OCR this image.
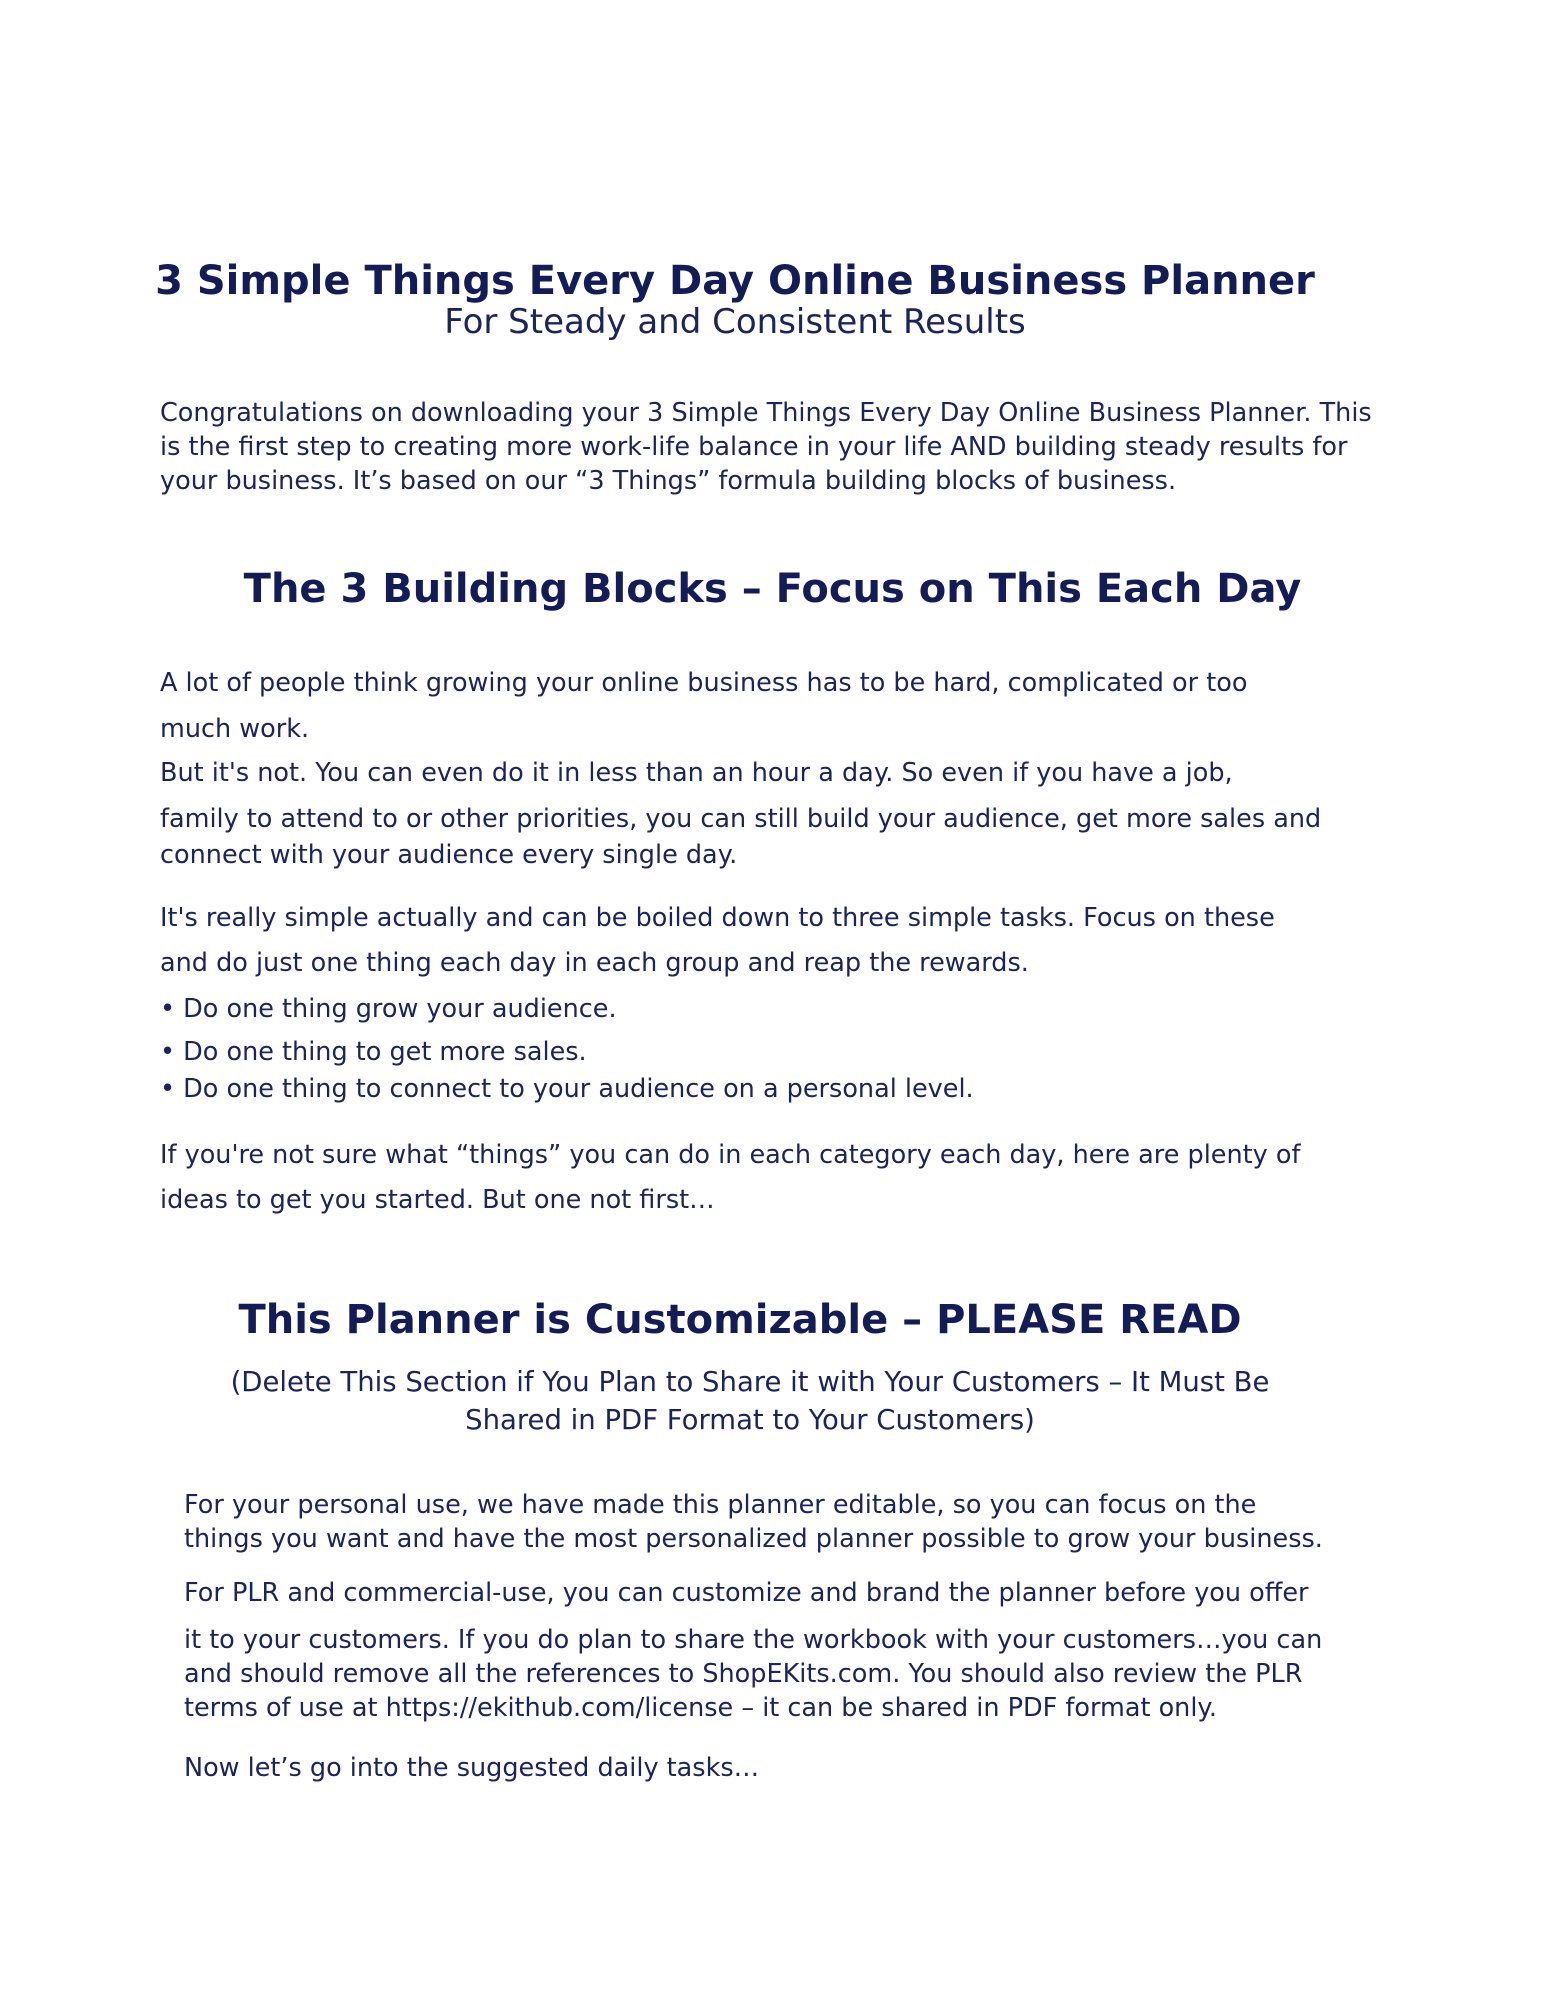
3 Simple Things Every Day Online Business Planner
For Steady and Consistent Results

Congratulations on downloading your 3 Simple Things Every Day Online Business Planner. This

is the first step to creating more work-life balance in your life AND building steady results for

your business. It’s based on our “3 Things” formula building blocks of business.

The 3 Building Blocks – Focus on This Each Day

A lot of people think growing your online business has to be hard, complicated or too

much work.

But it's not. You can even do it in less than an hour a day. So even if you have a job,

family to attend to or other priorities, you can still build your audience, get more sales and

connect with your audience every single day.

It's really simple actually and can be boiled down to three simple tasks. Focus on these

and do just one thing each day in each group and reap the rewards.

• Do one thing grow your audience.

• Do one thing to get more sales.

• Do one thing to connect to your audience on a personal level.

If you're not sure what “things” you can do in each category each day, here are plenty of

ideas to get you started. But one not first…

This Planner is Customizable – PLEASE READ

(Delete This Section if You Plan to Share it with Your Customers – It Must Be

Shared in PDF Format to Your Customers)

For your personal use, we have made this planner editable, so you can focus on the

things you want and have the most personalized planner possible to grow your business.

For PLR and commercial-use, you can customize and brand the planner before you offer

it to your customers. If you do plan to share the workbook with your customers…you can

and should remove all the references to ShopEKits.com. You should also review the PLR

terms of use at https://ekithub.com/license – it can be shared in PDF format only.

Now let’s go into the suggested daily tasks…
